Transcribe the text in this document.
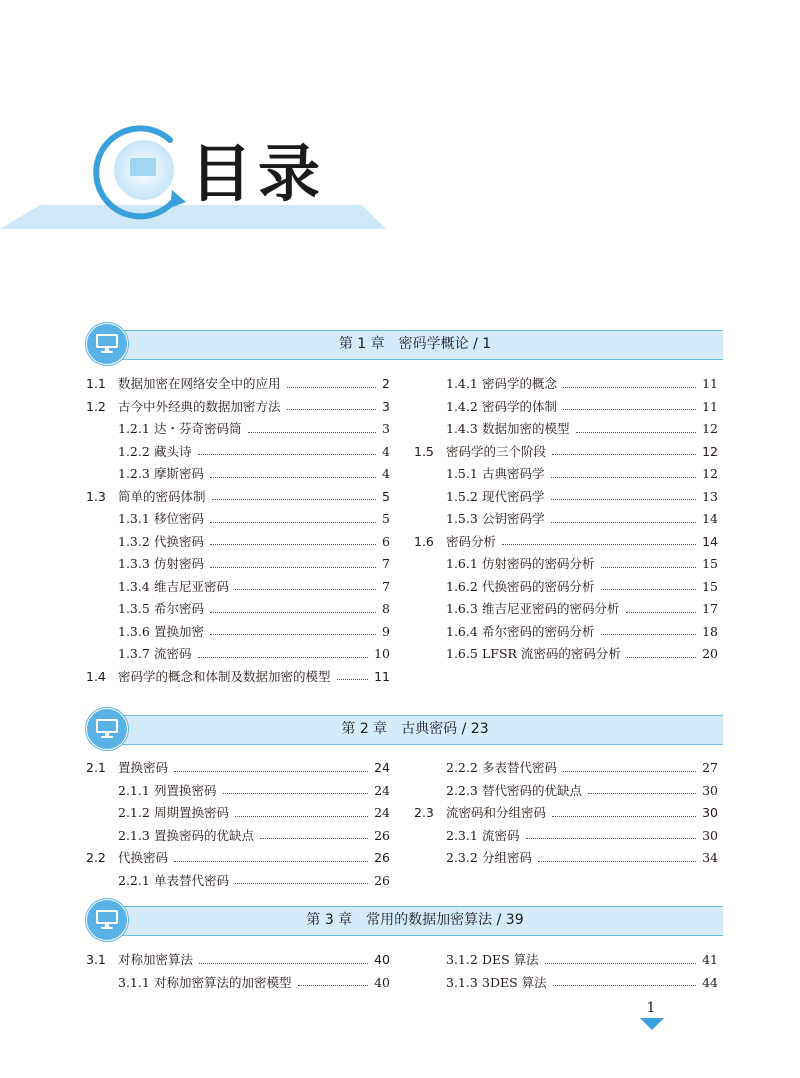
目录
第 1 章　密码学概论 / 1
1.1 数据加密在网络安全中的应用	2
1.2 古今中外经典的数据加密方法	3
1.2.1 达・芬奇密码筒	3
1.2.2 藏头诗	4
1.2.3 摩斯密码	4
1.3 简单的密码体制	5
1.3.1 移位密码	5
1.3.2 代换密码	6
1.3.3 仿射密码	7
1.3.4 维吉尼亚密码	7
1.3.5 希尔密码	8
1.3.6 置换加密	9
1.3.7 流密码	10
1.4 密码学的概念和体制及数据加密的模型	11
1.4.1 密码学的概念	11
1.4.2 密码学的体制	11
1.4.3 数据加密的模型	12
1.5 密码学的三个阶段	12
1.5.1 古典密码学	12
1.5.2 现代密码学	13
1.5.3 公钥密码学	14
1.6 密码分析	14
1.6.1 仿射密码的密码分析	15
1.6.2 代换密码的密码分析	15
1.6.3 维吉尼亚密码的密码分析	17
1.6.4 希尔密码的密码分析	18
1.6.5 LFSR 流密码的密码分析	20
第 2 章　古典密码 / 23
2.1 置换密码	24
2.1.1 列置换密码	24
2.1.2 周期置换密码	24
2.1.3 置换密码的优缺点	26
2.2 代换密码	26
2.2.1 单表替代密码	26
2.2.2 多表替代密码	27
2.2.3 替代密码的优缺点	30
2.3 流密码和分组密码	30
2.3.1 流密码	30
2.3.2 分组密码	34
第 3 章　常用的数据加密算法 / 39
3.1 对称加密算法	40
3.1.1 对称加密算法的加密模型	40
3.1.2 DES 算法	41
3.1.3 3DES 算法	44
1
